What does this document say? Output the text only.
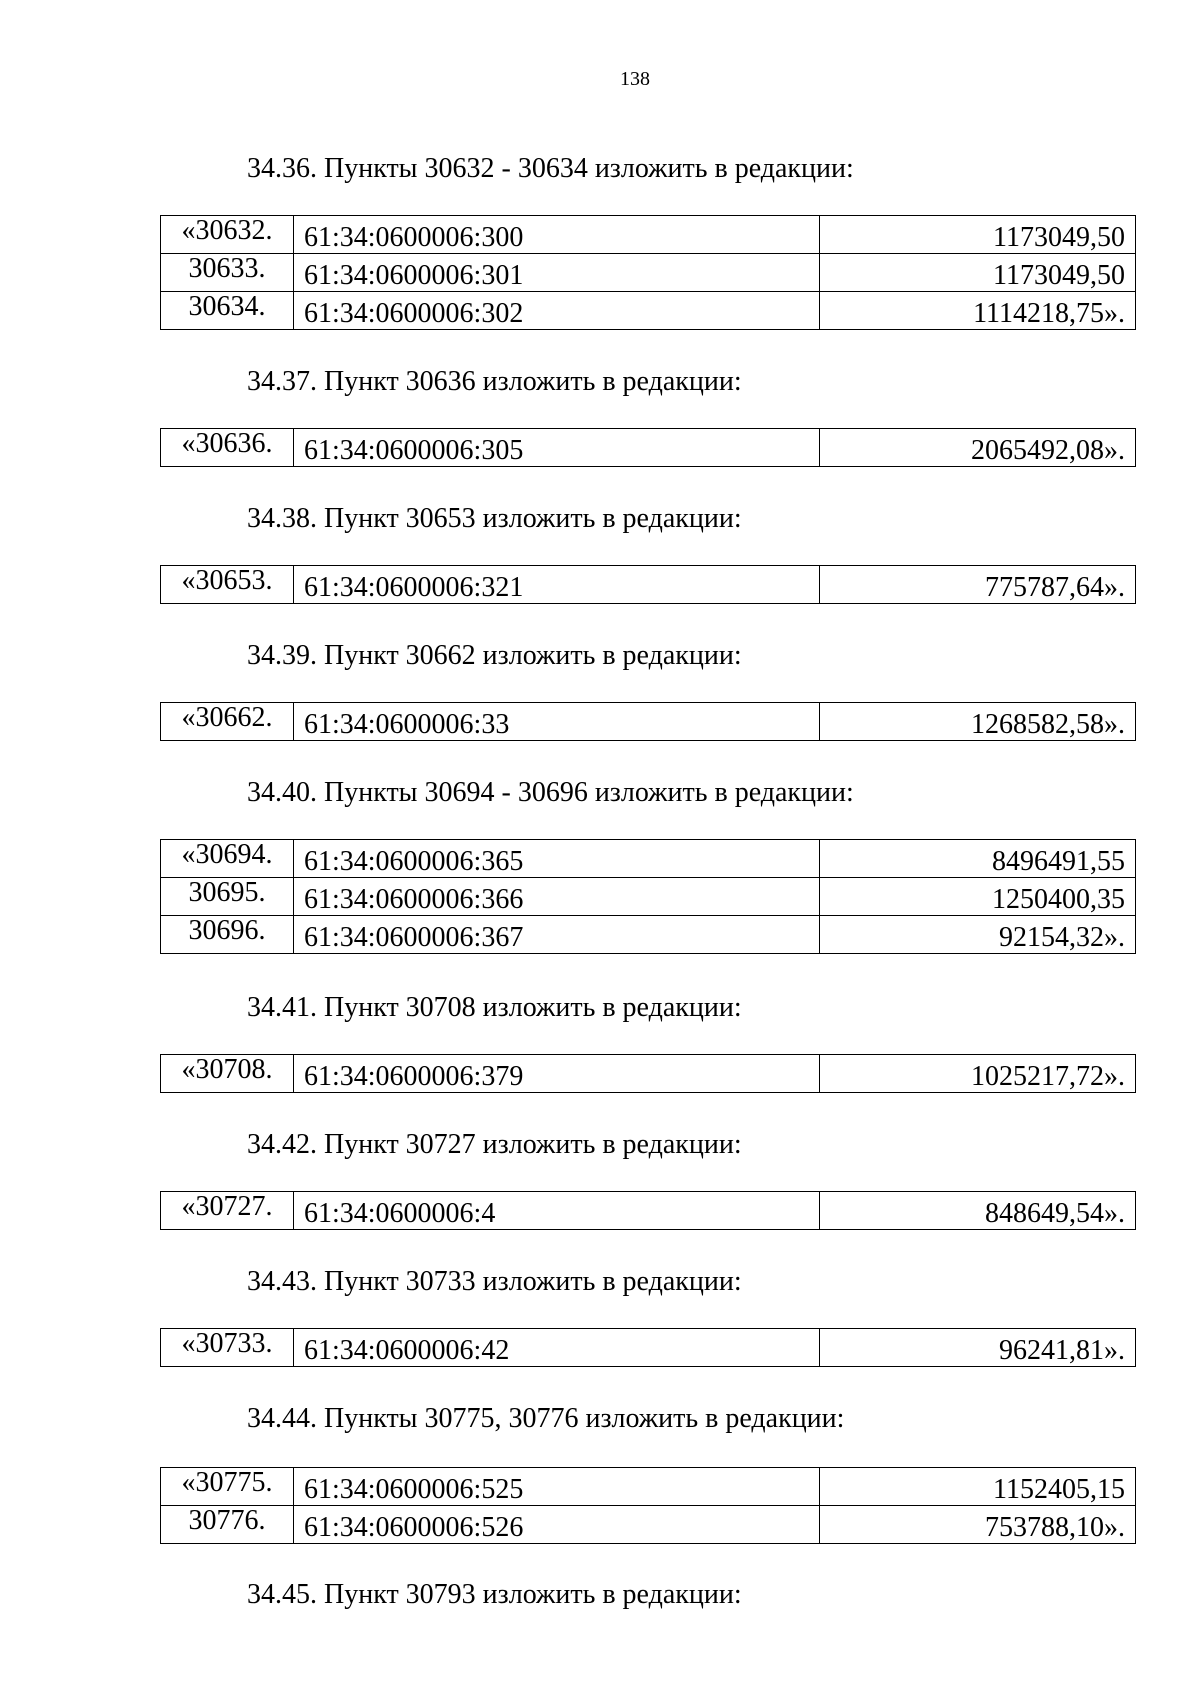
138
34.36. Пункты 30632 - 30634 изложить в редакции:
«30632.	61:34:0600006:300	1173049,50
30633.	61:34:0600006:301	1173049,50
30634.	61:34:0600006:302	1114218,75».
34.37. Пункт 30636 изложить в редакции:
«30636.	61:34:0600006:305	2065492,08».
34.38. Пункт 30653 изложить в редакции:
«30653.	61:34:0600006:321	775787,64».
34.39. Пункт 30662 изложить в редакции:
«30662.	61:34:0600006:33	1268582,58».
34.40. Пункты 30694 - 30696 изложить в редакции:
«30694.	61:34:0600006:365	8496491,55
30695.	61:34:0600006:366	1250400,35
30696.	61:34:0600006:367	92154,32».
34.41. Пункт 30708 изложить в редакции:
«30708.	61:34:0600006:379	1025217,72».
34.42. Пункт 30727 изложить в редакции:
«30727.	61:34:0600006:4	848649,54».
34.43. Пункт 30733 изложить в редакции:
«30733.	61:34:0600006:42	96241,81».
34.44. Пункты 30775, 30776 изложить в редакции:
«30775.	61:34:0600006:525	1152405,15
30776.	61:34:0600006:526	753788,10».
34.45. Пункт 30793 изложить в редакции:
